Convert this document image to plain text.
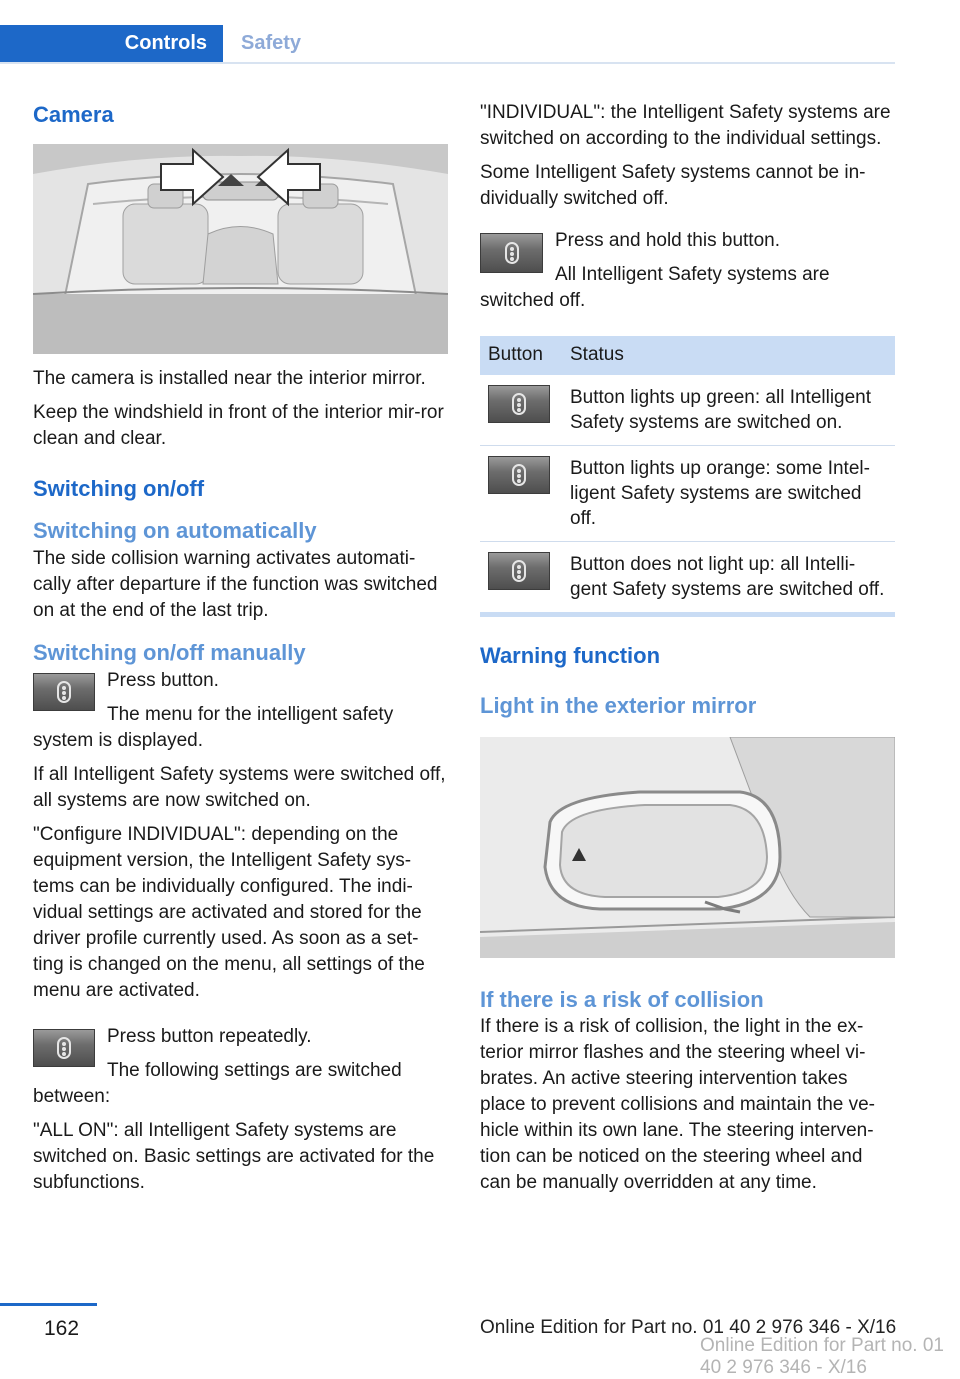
Controls	Safety
Camera

The camera is installed near the interior mirror.

Keep the windshield in front of the interior mir‐ror clean and clear.

Switching on/off
Switching on automatically

The side collision warning activates automati‐cally after departure if the function was switched on at the end of the last trip.

Switching on/off manually

Press button.

The menu for the intelligent safety system is displayed.

If all Intelligent Safety systems were switched off, all systems are now switched on.

"Configure INDIVIDUAL": depending on the equipment version, the Intelligent Safety sys‐tems can be individually configured. The indi‐vidual settings are activated and stored for the driver profile currently used. As soon as a set‐ting is changed on the menu, all settings of the menu are activated.

Press button repeatedly.

The following settings are switched between:

"ALL ON": all Intelligent Safety systems are switched on. Basic settings are activated for the subfunctions.

"INDIVIDUAL": the Intelligent Safety systems are switched on according to the individual settings.

Some Intelligent Safety systems cannot be in‐dividually switched off.

Press and hold this button.

All Intelligent Safety systems are switched off.

Button	Status

	Button lights up green: all Intelligent Safety systems are switched on.

	Button lights up orange: some Intel‐ligent Safety systems are switched off.

	Button does not light up: all Intelli‐gent Safety systems are switched off.
Warning function
Light in the exterior mirror
If there is a risk of collision

If there is a risk of collision, the light in the ex‐terior mirror flashes and the steering wheel vi‐brates. An active steering intervention takes place to prevent collisions and maintain the ve‐hicle within its own lane. The steering interven‐tion can be noticed on the steering wheel and can be manually overridden at any time.

162	Online Edition for Part no. 01 40 2 976 346 - X/16
Online Edition for Part no. 01 40 2 976 346 - X/16
